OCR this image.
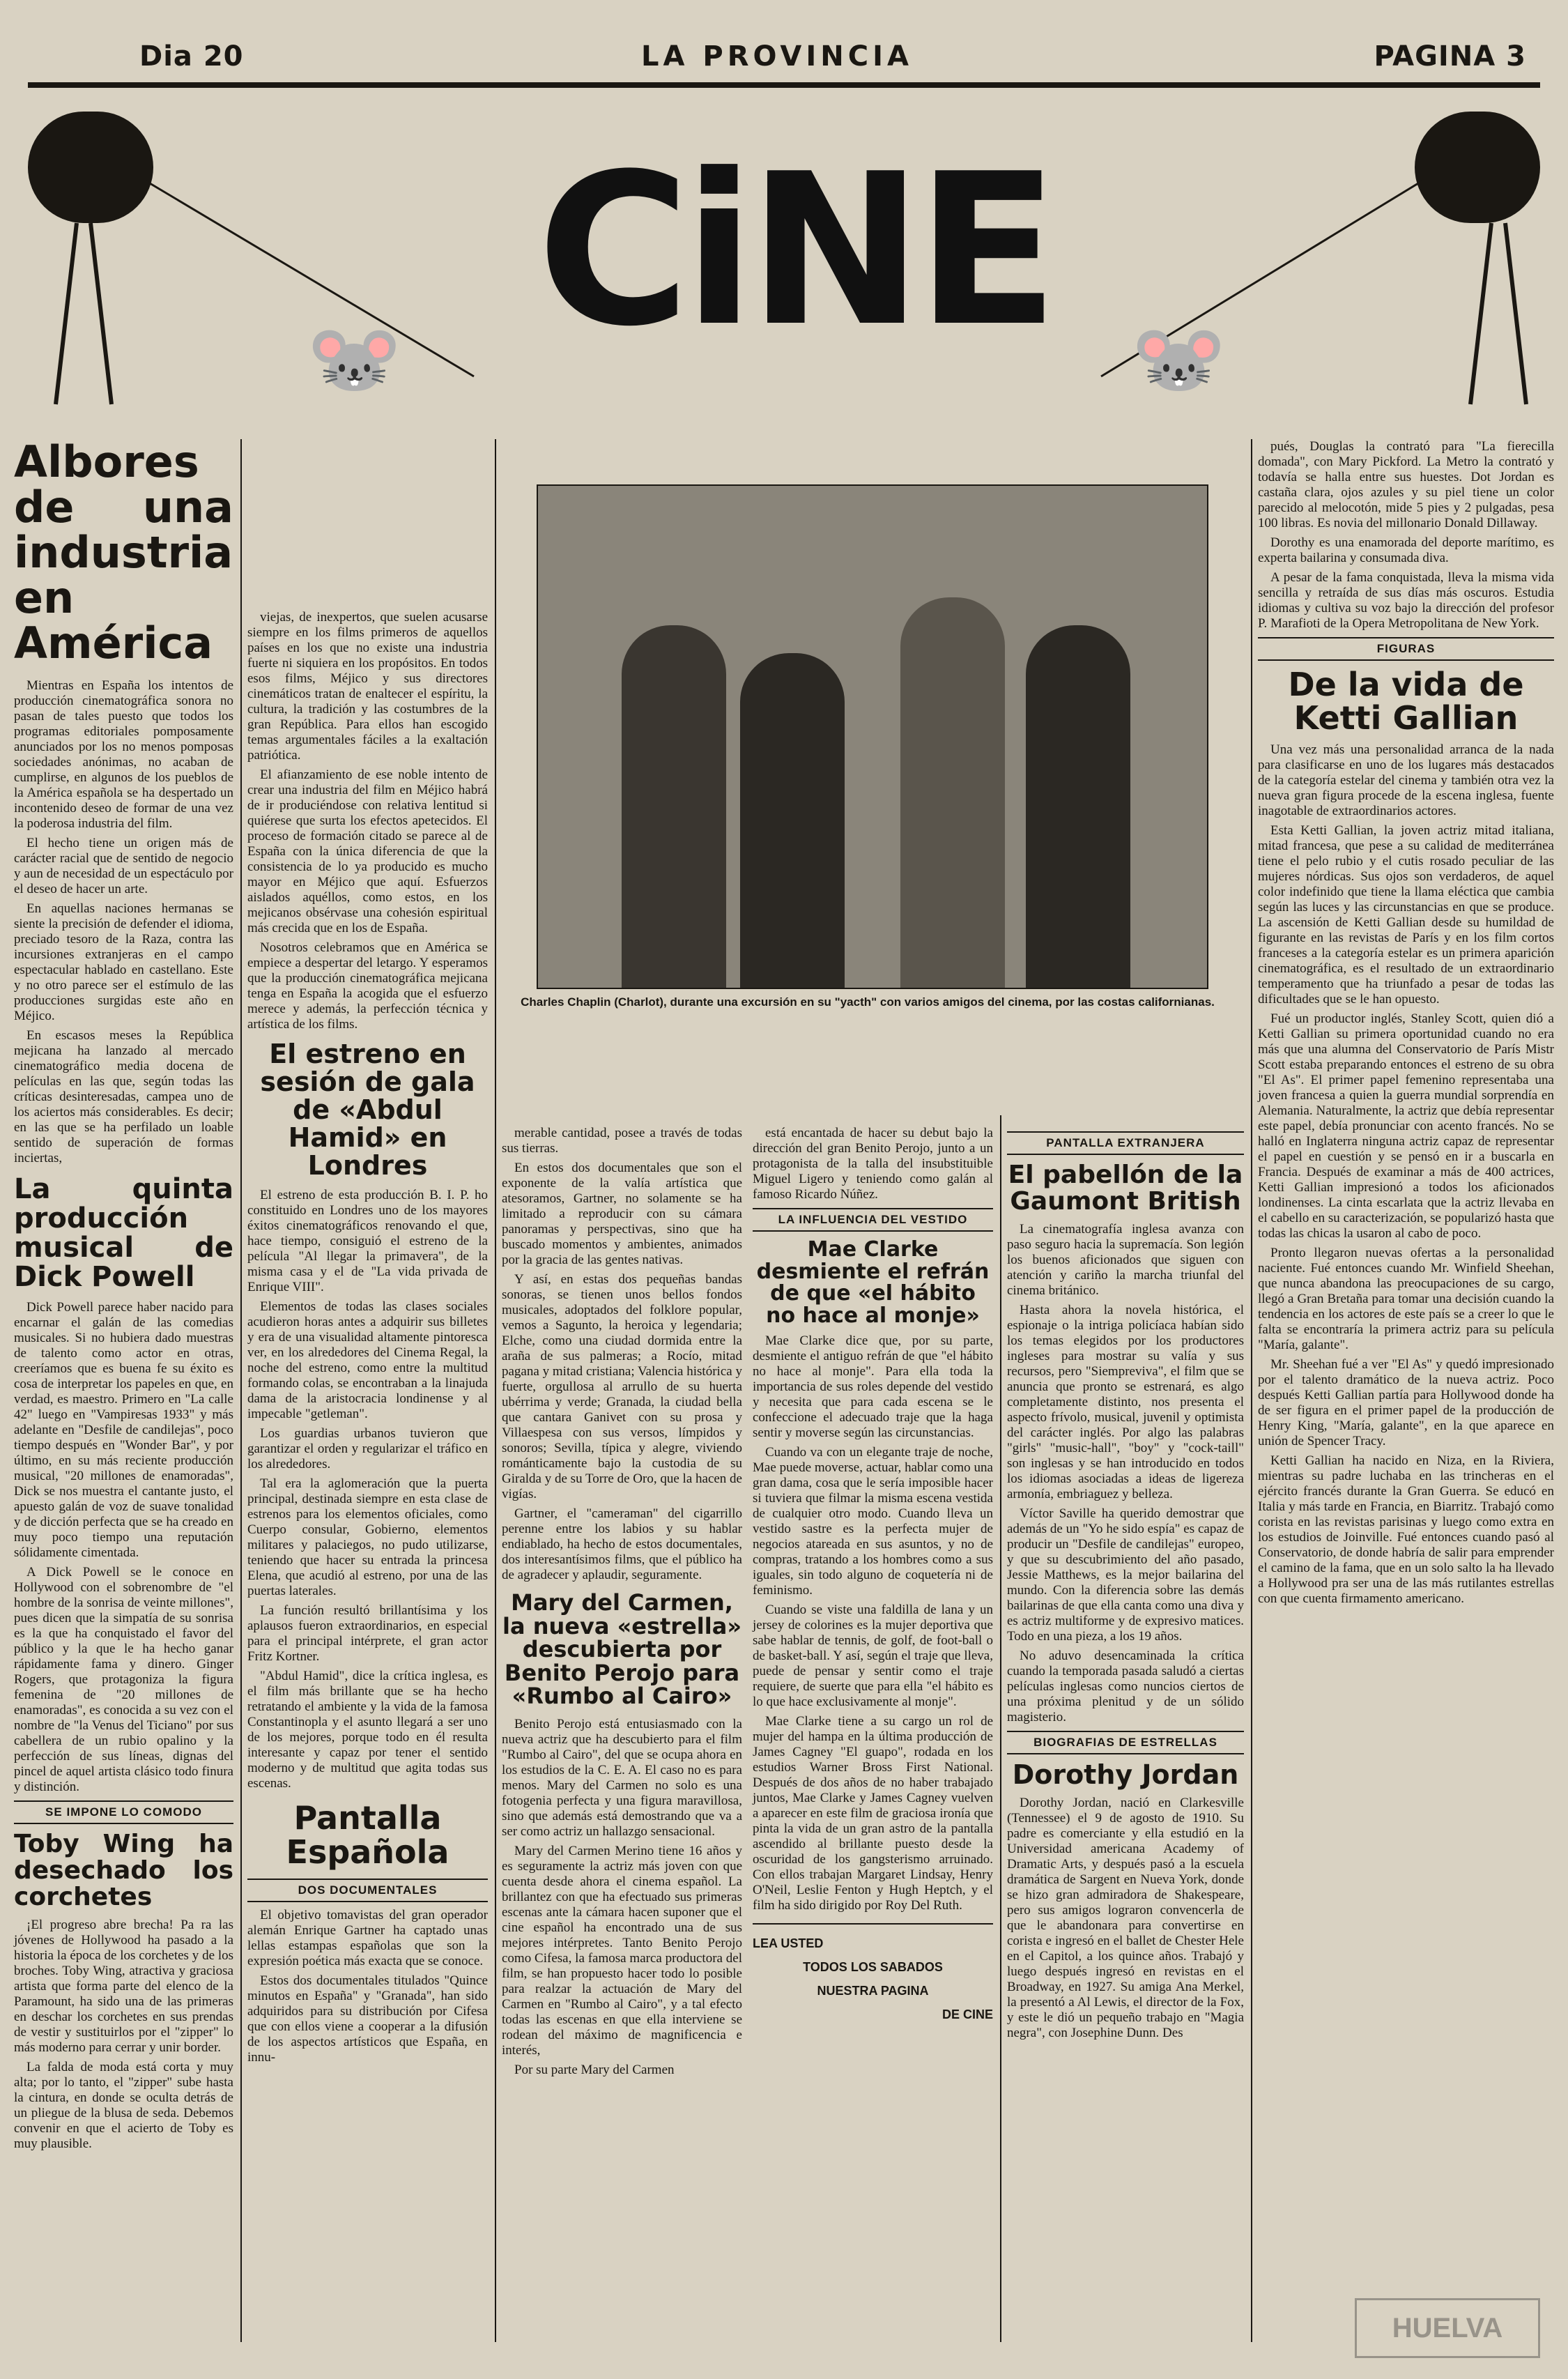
Dia 20	LA PROVINCIA	PAGINA 3
CiNE
🐭	🐭
Albores de una industria en América

Mientras en España los intentos de producción cinematográfica sonora no pasan de tales puesto que todos los programas editoriales pomposamente anunciados por los no menos pomposas sociedades anónimas, no acaban de cumplirse, en algunos de los pueblos de la América española se ha despertado un incontenido deseo de formar de una vez la poderosa industria del film.

El hecho tiene un origen más de carácter racial que de sentido de negocio y aun de necesidad de un espectáculo por el deseo de hacer un arte.

En aquellas naciones hermanas se siente la precisión de defender el idioma, preciado tesoro de la Raza, contra las incursiones extranjeras en el campo espectacular hablado en castellano. Este y no otro parece ser el estímulo de las producciones surgidas este año en Méjico.

En escasos meses la República mejicana ha lanzado al mercado cinematográfico media docena de películas en las que, según todas las críticas desinteresadas, campea uno de los aciertos más considerables. Es decir; en las que se ha perfilado un loable sentido de superación de formas inciertas,

La quinta producción musical de Dick Powell

Dick Powell parece haber nacido para encarnar el galán de las comedias musicales. Si no hubiera dado muestras de talento como actor en otras, creeríamos que es buena fe su éxito es cosa de interpretar los papeles en que, en verdad, es maestro. Primero en "La calle 42" luego en "Vampiresas 1933" y más adelante en "Desfile de candilejas", poco tiempo después en "Wonder Bar", y por último, en su más reciente producción musical, "20 millones de enamoradas", Dick se nos muestra el cantante justo, el apuesto galán de voz de suave tonalidad y de dicción perfecta que se ha creado en muy poco tiempo una reputación sólidamente cimentada.

A Dick Powell se le conoce en Hollywood con el sobrenombre de "el hombre de la sonrisa de veinte millones", pues dicen que la simpatía de su sonrisa es la que ha conquistado el favor del público y la que le ha hecho ganar rápidamente fama y dinero. Ginger Rogers, que protagoniza la figura femenina de "20 millones de enamoradas", es conocida a su vez con el nombre de "la Venus del Ticiano" por sus cabellera de un rubio opalino y la perfección de sus líneas, dignas del pincel de aquel artista clásico todo finura y distinción.

SE IMPONE LO COMODO
Toby Wing ha desechado los corchetes

¡El progreso abre brecha! Pa ra las jóvenes de Hollywood ha pasado a la historia la época de los corchetes y de los broches. Toby Wing, atractiva y graciosa artista que forma parte del elenco de la Paramount, ha sido una de las primeras en deschar los corchetes en sus prendas de vestir y sustituirlos por el "zipper" lo más moderno para cerrar y unir border.

La falda de moda está corta y muy alta; por lo tanto, el "zipper" sube hasta la cintura, en donde se oculta detrás de un pliegue de la blusa de seda. Debemos convenir en que el acierto de Toby es muy plausible.

viejas, de inexpertos, que suelen acusarse siempre en los films primeros de aquellos países en los que no existe una industria fuerte ni siquiera en los propósitos. En todos esos films, Méjico y sus directores cinemáticos tratan de enaltecer el espíritu, la cultura, la tradición y las costumbres de la gran República. Para ellos han escogido temas argumentales fáciles a la exaltación patriótica.

El afianzamiento de ese noble intento de crear una industria del film en Méjico habrá de ir produciéndose con relativa lentitud si quiérese que surta los efectos apetecidos. El proceso de formación citado se parece al de España con la única diferencia de que la consistencia de lo ya producido es mucho mayor en Méjico que aquí. Esfuerzos aislados aquéllos, como estos, en los mejicanos obsérvase una cohesión espiritual más crecida que en los de España.

Nosotros celebramos que en América se empiece a despertar del letargo. Y esperamos que la producción cinematográfica mejicana tenga en España la acogida que el esfuerzo merece y además, la perfección técnica y artística de los films.

El estreno en sesión de gala de «Abdul Hamid» en Londres

El estreno de esta producción B. I. P. ho constituido en Londres uno de los mayores éxitos cinematográficos renovando el que, hace tiempo, consiguió el estreno de la película "Al llegar la primavera", de la misma casa y el de "La vida privada de Enrique VIII".

Elementos de todas las clases sociales acudieron horas antes a adquirir sus billetes y era de una visualidad altamente pintoresca ver, en los alrededores del Cinema Regal, la noche del estreno, como entre la multitud formando colas, se encontraban a la linajuda dama de la aristocracia londinense y al impecable "getleman".

Los guardias urbanos tuvieron que garantizar el orden y regularizar el tráfico en los alrededores.

Tal era la aglomeración que la puerta principal, destinada siempre en esta clase de estrenos para los elementos oficiales, como Cuerpo consular, Gobierno, elementos militares y palaciegos, no pudo utilizarse, teniendo que hacer su entrada la princesa Elena, que acudió al estreno, por una de las puertas laterales.

La función resultó brillantísima y los aplausos fueron extraordinarios, en especial para el principal intérprete, el gran actor Fritz Kortner.

"Abdul Hamid", dice la crítica inglesa, es el film más brillante que se ha hecho retratando el ambiente y la vida de la famosa Constantinopla y el asunto llegará a ser uno de los mejores, porque todo en él resulta interesante y capaz por tener el sentido moderno y de multitud que agita todas sus escenas.

Pantalla Española
DOS DOCUMENTALES

El objetivo tomavistas del gran operador alemán Enrique Gartner ha captado unas lellas estampas españolas que son la expresión poética más exacta que se conoce.

Estos dos documentales titulados "Quince minutos en España" y "Granada", han sido adquiridos para su distribución por Cifesa que con ellos viene a cooperar a la difusión de los aspectos artísticos que España, en innu-

Charles Chaplin (Charlot), durante una excursión en su "yacth" con varios amigos del cinema, por las costas californianas.

merable cantidad, posee a través de todas sus tierras.

En estos dos documentales que son el exponente de la valía artística que atesoramos, Gartner, no solamente se ha limitado a reproducir con su cámara panoramas y perspectivas, sino que ha buscado momentos y ambientes, animados por la gracia de las gentes nativas.

Y así, en estas dos pequeñas bandas sonoras, se tienen unos bellos fondos musicales, adoptados del folklore popular, vemos a Sagunto, la heroica y legendaria; Elche, como una ciudad dormida entre la araña de sus palmeras; a Rocío, mitad pagana y mitad cristiana; Valencia histórica y fuerte, orgullosa al arrullo de su huerta ubérrima y verde; Granada, la ciudad bella que cantara Ganivet con su prosa y Villaespesa con sus versos, límpidos y sonoros; Sevilla, típica y alegre, viviendo románticamente bajo la custodia de su Giralda y de su Torre de Oro, que la hacen de vigías.

Gartner, el "cameraman" del cigarrillo perenne entre los labios y su hablar endiablado, ha hecho de estos documentales, dos interesantísimos films, que el público ha de agradecer y aplaudir, seguramente.

Mary del Carmen, la nueva «estrella» descubierta por Benito Perojo para «Rumbo al Cairo»

Benito Perojo está entusiasmado con la nueva actriz que ha descubierto para el film "Rumbo al Cairo", del que se ocupa ahora en los estudios de la C. E. A. El caso no es para menos. Mary del Carmen no solo es una fotogenia perfecta y una figura maravillosa, sino que además está demostrando que va a ser como actriz un hallazgo sensacional.

Mary del Carmen Merino tiene 16 años y es seguramente la actriz más joven con que cuenta desde ahora el cinema español. La brillantez con que ha efectuado sus primeras escenas ante la cámara hacen suponer que el cine español ha encontrado una de sus mejores intérpretes. Tanto Benito Perojo como Cifesa, la famosa marca productora del film, se han propuesto hacer todo lo posible para realzar la actuación de Mary del Carmen en "Rumbo al Cairo", y a tal efecto todas las escenas en que ella interviene se rodean del máximo de magnificencia e interés,

Por su parte Mary del Carmen

está encantada de hacer su debut bajo la dirección del gran Benito Perojo, junto a un protagonista de la talla del insubstituible Miguel Ligero y teniendo como galán al famoso Ricardo Núñez.

LA INFLUENCIA DEL VESTIDO
Mae Clarke desmiente el refrán de que «el hábito no hace al monje»

Mae Clarke dice que, por su parte, desmiente el antiguo refrán de que "el hábito no hace al monje". Para ella toda la importancia de sus roles depende del vestido y necesita que para cada escena se le confeccione el adecuado traje que la haga sentir y moverse según las circunstancias.

Cuando va con un elegante traje de noche, Mae puede moverse, actuar, hablar como una gran dama, cosa que le sería imposible hacer si tuviera que filmar la misma escena vestida de cualquier otro modo. Cuando lleva un vestido sastre es la perfecta mujer de negocios atareada en sus asuntos, y no de compras, tratando a los hombres como a sus iguales, sin todo alguno de coquetería ni de feminismo.

Cuando se viste una faldilla de lana y un jersey de colorines es la mujer deportiva que sabe hablar de tennis, de golf, de foot-ball o de basket-ball. Y así, según el traje que lleva, puede de pensar y sentir como el traje requiere, de suerte que para ella "el hábito es lo que hace exclusivamente al monje".

Mae Clarke tiene a su cargo un rol de mujer del hampa en la última producción de James Cagney "El guapo", rodada en los estudios Warner Bross First National. Después de dos años de no haber trabajado juntos, Mae Clarke y James Cagney vuelven a aparecer en este film de graciosa ironía que pinta la vida de un gran astro de la pantalla ascendido al brillante puesto desde la oscuridad de los gangsterismo arruinado. Con ellos trabajan Margaret Lindsay, Henry O'Neil, Leslie Fenton y Hugh Heptch, y el film ha sido dirigido por Roy Del Ruth.

LEA USTED
TODOS LOS SABADOS
NUESTRA PAGINA
DE CINE
PANTALLA EXTRANJERA
El pabellón de la Gaumont British

La cinematografía inglesa avanza con paso seguro hacia la supremacía. Son legión los buenos aficionados que siguen con atención y cariño la marcha triunfal del cinema británico.

Hasta ahora la novela histórica, el espionaje o la intriga policíaca habían sido los temas elegidos por los productores ingleses para mostrar su valía y sus recursos, pero "Siempreviva", el film que se anuncia que pronto se estrenará, es algo completamente distinto, nos presenta el aspecto frívolo, musical, juvenil y optimista del carácter inglés. Por algo las palabras "girls" "music-hall", "boy" y "cock-taill" son inglesas y se han introducido en todos los idiomas asociadas a ideas de ligereza armonía, embriaguez y belleza.

Víctor Saville ha querido demostrar que además de un "Yo he sido espía" es capaz de producir un "Desfile de candilejas" europeo, y que su descubrimiento del año pasado, Jessie Matthews, es la mejor bailarina del mundo. Con la diferencia sobre las demás bailarinas de que ella canta como una diva y es actriz multiforme y de expresivo matices. Todo en una pieza, a los 19 años.

No aduvo desencaminada la crítica cuando la temporada pasada saludó a ciertas películas inglesas como nuncios ciertos de una próxima plenitud y de un sólido magisterio.

BIOGRAFIAS DE ESTRELLAS
Dorothy Jordan

Dorothy Jordan, nació en Clarkesville (Tennessee) el 9 de agosto de 1910. Su padre es comerciante y ella estudió en la Universidad americana Academy of Dramatic Arts, y después pasó a la escuela dramática de Sargent en Nueva York, donde se hizo gran admiradora de Shakespeare, pero sus amigos lograron convencerla de que le abandonara para convertirse en corista e ingresó en el ballet de Chester Hele en el Capitol, a los quince años. Trabajó y luego después ingresó en revistas en el Broadway, en 1927. Su amiga Ana Merkel, la presentó a Al Lewis, el director de la Fox, y este le dió un pequeño trabajo en "Magia negra", con Josephine Dunn. Des

pués, Douglas la contrató para "La fierecilla domada", con Mary Pickford. La Metro la contrató y todavía se halla entre sus huestes. Dot Jordan es castaña clara, ojos azules y su piel tiene un color parecido al melocotón, mide 5 pies y 2 pulgadas, pesa 100 libras. Es novia del millonario Donald Dillaway.

Dorothy es una enamorada del deporte marítimo, es experta bailarina y consumada diva.

A pesar de la fama conquistada, lleva la misma vida sencilla y retraída de sus días más oscuros. Estudia idiomas y cultiva su voz bajo la dirección del profesor P. Marafioti de la Opera Metropolitana de New York.

FIGURAS
De la vida de Ketti Gallian

Una vez más una personalidad arranca de la nada para clasificarse en uno de los lugares más destacados de la categoría estelar del cinema y también otra vez la nueva gran figura procede de la escena inglesa, fuente inagotable de extraordinarios actores.

Esta Ketti Gallian, la joven actriz mitad italiana, mitad francesa, que pese a su calidad de mediterránea tiene el pelo rubio y el cutis rosado peculiar de las mujeres nórdicas. Sus ojos son verdaderos, de aquel color indefinido que tiene la llama eléctica que cambia según las luces y las circunstancias en que se produce. La ascensión de Ketti Gallian desde su humildad de figurante en las revistas de París y en los film cortos franceses a la categoría estelar es un primera aparición cinematográfica, es el resultado de un extraordinario temperamento que ha triunfado a pesar de todas las dificultades que se le han opuesto.

Fué un productor inglés, Stanley Scott, quien dió a Ketti Gallian su primera oportunidad cuando no era más que una alumna del Conservatorio de París Mistr Scott estaba preparando entonces el estreno de su obra "El As". El primer papel femenino representaba una joven francesa a quien la guerra mundial sorprendía en Alemania. Naturalmente, la actriz que debía representar este papel, debía pronunciar con acento francés. No se halló en Inglaterra ninguna actriz capaz de representar el papel en cuestión y se pensó en ir a buscarla en Francia. Después de examinar a más de 400 actrices, Ketti Gallian impresionó a todos los aficionados londinenses. La cinta escarlata que la actriz llevaba en el cabello en su caracterización, se popularizó hasta que todas las chicas la usaron al cabo de poco.

Pronto llegaron nuevas ofertas a la personalidad naciente. Fué entonces cuando Mr. Winfield Sheehan, que nunca abandona las preocupaciones de su cargo, llegó a Gran Bretaña para tomar una decisión cuando la tendencia en los actores de este país se a creer lo que le falta se encontraría la primera actriz para su película "María, galante".

Mr. Sheehan fué a ver "El As" y quedó impresionado por el talento dramático de la nueva actriz. Poco después Ketti Gallian partía para Hollywood donde ha de ser figura en el primer papel de la producción de Henry King, "María, galante", en la que aparece en unión de Spencer Tracy.

Ketti Gallian ha nacido en Niza, en la Riviera, mientras su padre luchaba en las trincheras en el ejército francés durante la Gran Guerra. Se educó en Italia y más tarde en Francia, en Biarritz. Trabajó como corista en las revistas parisinas y luego como extra en los estudios de Joinville. Fué entonces cuando pasó al Conservatorio, de donde habría de salir para emprender el camino de la fama, que en un solo salto la ha llevado a Hollywood pra ser una de las más rutilantes estrellas con que cuenta firmamento americano.

HUELVA
